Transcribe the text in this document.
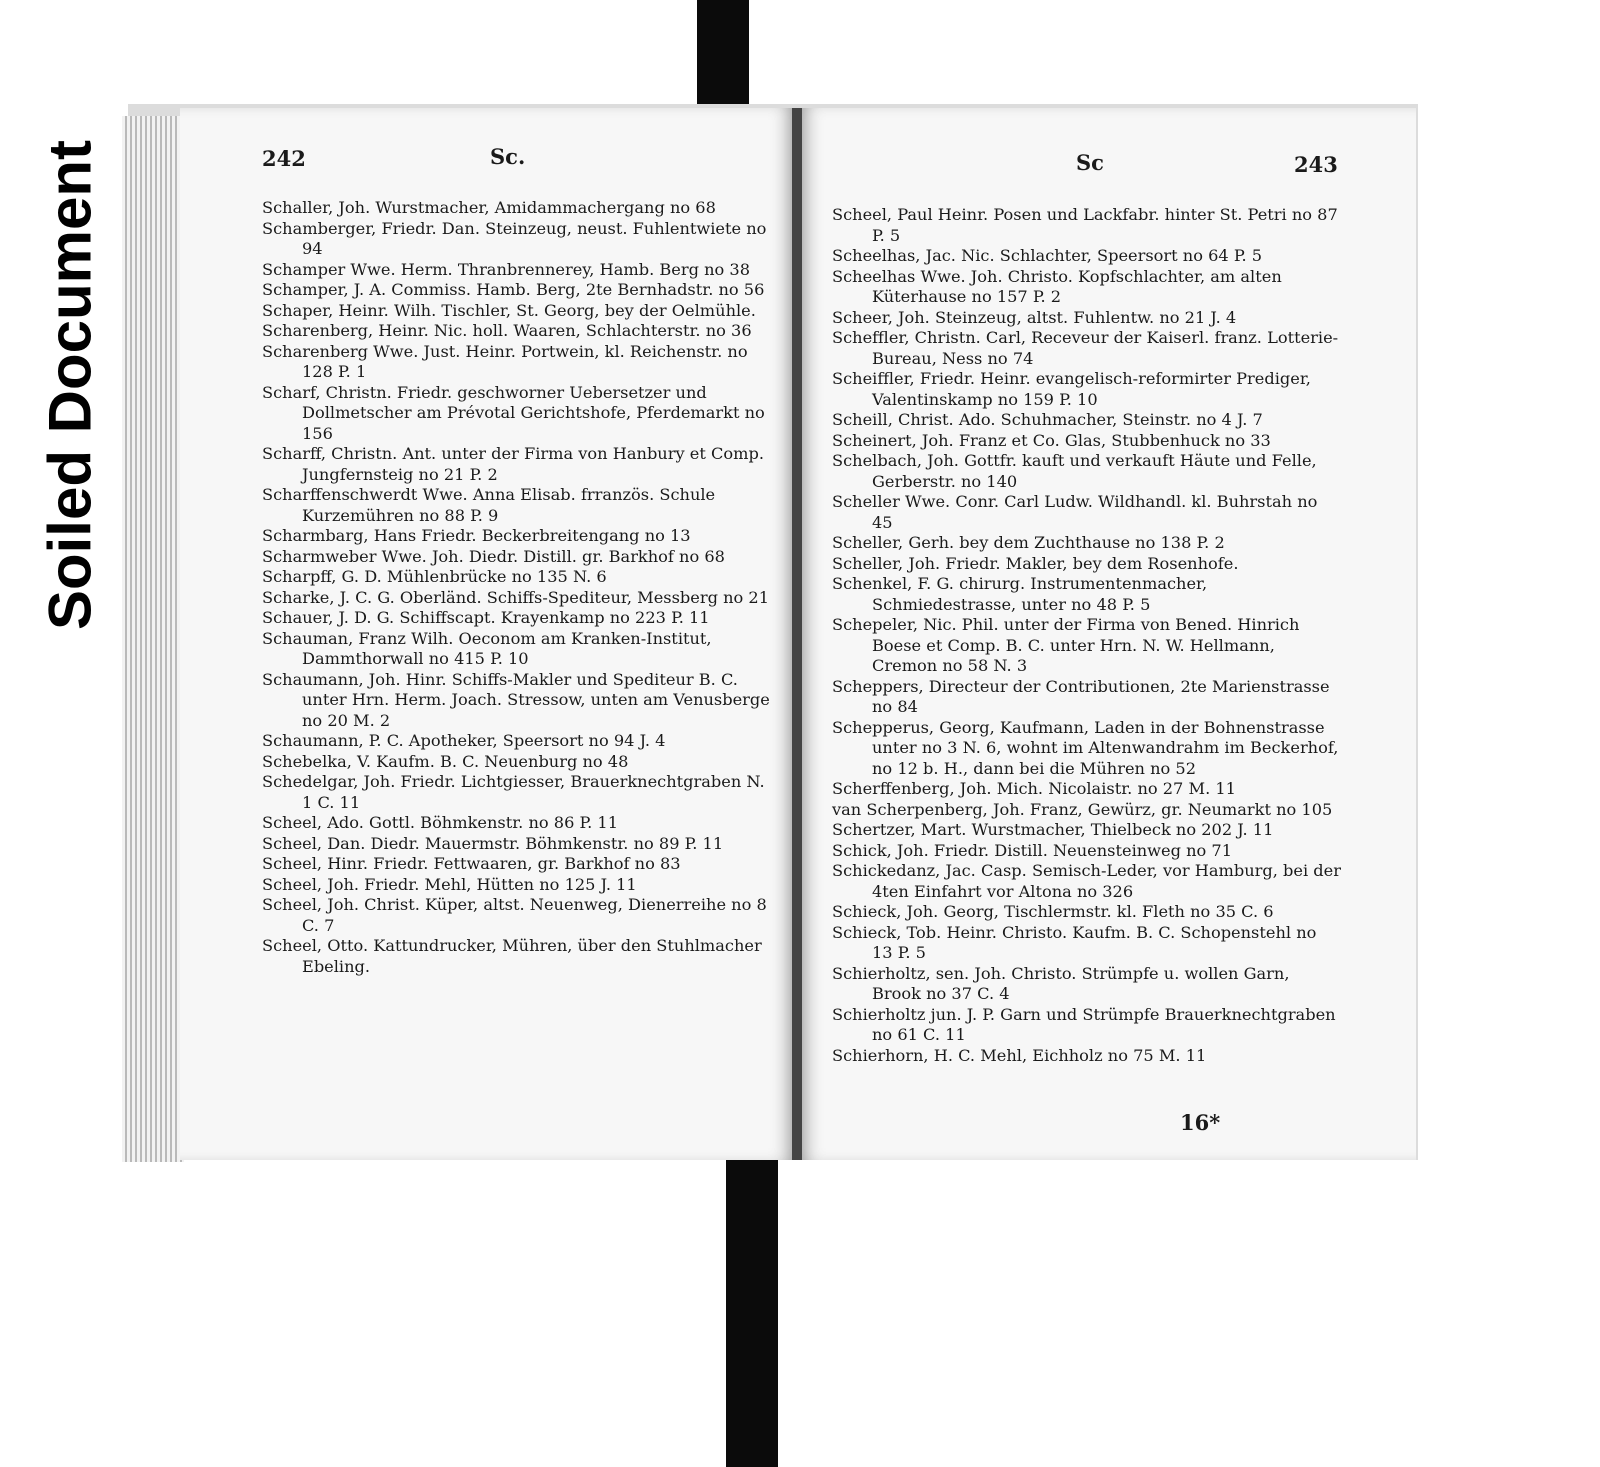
Soiled Document	242	Sc.	Sc	243
Schaller, Joh. Wurstmacher, Amidammachergang no 68
Schamberger, Friedr. Dan. Steinzeug, neust. Fuhlentwiete no 94
Schamper Wwe. Herm. Thranbrennerey, Hamb. Berg no 38
Schamper, J. A. Commiss. Hamb. Berg, 2te Bernhadstr. no 56
Schaper, Heinr. Wilh. Tischler, St. Georg, bey der Oelmühle.
Scharenberg, Heinr. Nic. holl. Waaren, Schlachterstr. no 36
Scharenberg Wwe. Just. Heinr. Portwein, kl. Reichenstr. no 128 P. 1
Scharf, Christn. Friedr. geschworner Uebersetzer und Dollmetscher am Prévotal Gerichtshofe, Pferdemarkt no 156
Scharff, Christn. Ant. unter der Firma von Hanbury et Comp. Jungfernsteig no 21 P. 2
Scharffenschwerdt Wwe. Anna Elisab. frranzös. Schule Kurzemühren no 88 P. 9
Scharmbarg, Hans Friedr. Beckerbreitengang no 13
Scharmweber Wwe. Joh. Diedr. Distill. gr. Barkhof no 68
Scharpff, G. D. Mühlenbrücke no 135 N. 6
Scharke, J. C. G. Oberländ. Schiffs-Spediteur, Messberg no 21
Schauer, J. D. G. Schiffscapt. Krayenkamp no 223 P. 11
Schauman, Franz Wilh. Oeconom am Kranken-Institut, Dammthorwall no 415 P. 10
Schaumann, Joh. Hinr. Schiffs-Makler und Spediteur B. C. unter Hrn. Herm. Joach. Stressow, unten am Venusberge no 20 M. 2
Schaumann, P. C. Apotheker, Speersort no 94 J. 4
Schebelka, V. Kaufm. B. C. Neuenburg no 48
Schedelgar, Joh. Friedr. Lichtgiesser, Brauerknechtgraben N. 1 C. 11
Scheel, Ado. Gottl. Böhmkenstr. no 86 P. 11
Scheel, Dan. Diedr. Mauermstr. Böhmkenstr. no 89 P. 11
Scheel, Hinr. Friedr. Fettwaaren, gr. Barkhof no 83
Scheel, Joh. Friedr. Mehl, Hütten no 125 J. 11
Scheel, Joh. Christ. Küper, altst. Neuenweg, Dienerreihe no 8 C. 7
Scheel, Otto. Kattundrucker, Mühren, über den Stuhlmacher Ebeling.
Scheel, Paul Heinr. Posen und Lackfabr. hinter St. Petri no 87 P. 5
Scheelhas, Jac. Nic. Schlachter, Speersort no 64 P. 5
Scheelhas Wwe. Joh. Christo. Kopfschlachter, am alten Küterhause no 157 P. 2
Scheer, Joh. Steinzeug, altst. Fuhlentw. no 21 J. 4
Scheffler, Christn. Carl, Receveur der Kaiserl. franz. Lotterie-Bureau, Ness no 74
Scheiffler, Friedr. Heinr. evangelisch-reformirter Prediger, Valentinskamp no 159 P. 10
Scheill, Christ. Ado. Schuhmacher, Steinstr. no 4 J. 7
Scheinert, Joh. Franz et Co. Glas, Stubbenhuck no 33
Schelbach, Joh. Gottfr. kauft und verkauft Häute und Felle, Gerberstr. no 140
Scheller Wwe. Conr. Carl Ludw. Wildhandl. kl. Buhrstah no 45
Scheller, Gerh. bey dem Zuchthause no 138 P. 2
Scheller, Joh. Friedr. Makler, bey dem Rosenhofe.
Schenkel, F. G. chirurg. Instrumentenmacher, Schmiedestrasse, unter no 48 P. 5
Schepeler, Nic. Phil. unter der Firma von Bened. Hinrich Boese et Comp. B. C. unter Hrn. N. W. Hellmann, Cremon no 58 N. 3
Scheppers, Directeur der Contributionen, 2te Marienstrasse no 84
Schepperus, Georg, Kaufmann, Laden in der Bohnenstrasse unter no 3 N. 6, wohnt im Altenwandrahm im Beckerhof, no 12 b. H., dann bei die Mühren no 52
Scherffenberg, Joh. Mich. Nicolaistr. no 27 M. 11
van Scherpenberg, Joh. Franz, Gewürz, gr. Neumarkt no 105
Schertzer, Mart. Wurstmacher, Thielbeck no 202 J. 11
Schick, Joh. Friedr. Distill. Neuensteinweg no 71
Schickedanz, Jac. Casp. Semisch-Leder, vor Hamburg, bei der 4ten Einfahrt vor Altona no 326
Schieck, Joh. Georg, Tischlermstr. kl. Fleth no 35 C. 6
Schieck, Tob. Heinr. Christo. Kaufm. B. C. Schopenstehl no 13 P. 5
Schierholtz, sen. Joh. Christo. Strümpfe u. wollen Garn, Brook no 37 C. 4
Schierholtz jun. J. P. Garn und Strümpfe Brauerknechtgraben no 61 C. 11
Schierhorn, H. C. Mehl, Eichholz no 75 M. 11
16*
